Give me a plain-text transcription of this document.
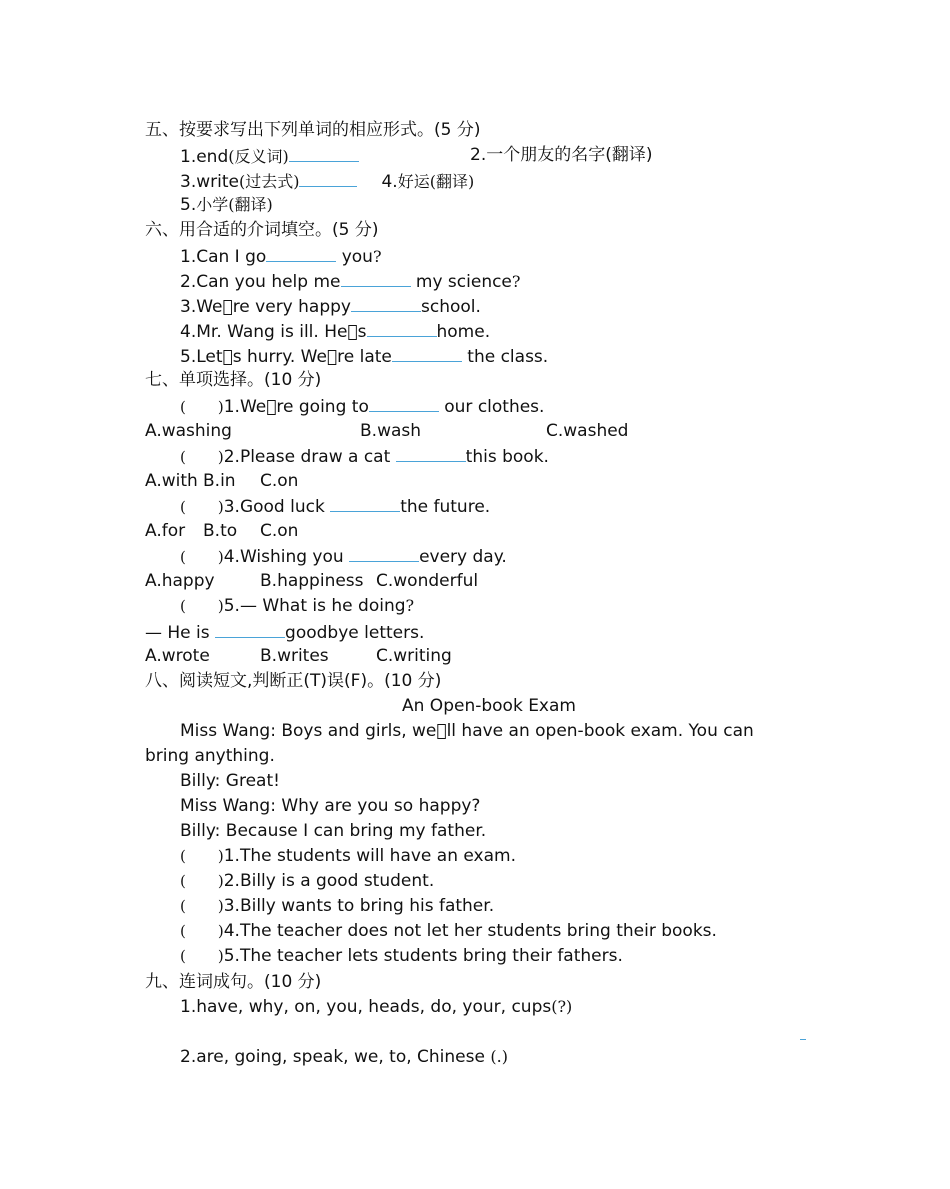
五、按要求写出下列单词的相应形式。(5 分)
1.end(反义词)	2.一个朋友的名字(翻译)
3.write(过去式)	4.好运(翻译)
5.小学(翻译)
六、用合适的介词填空。(5 分)
1.Can I go	you?
2.Can you help me	my science?
3.We re very happy	school.
4.Mr. Wang is ill. He s	home.
5.Let s hurry. We re late	the class.
七、单项选择。(10 分)
( )1.We re going to	our clothes.
A.washing	B.wash	C.washed
( )2.Please draw a cat	this book.
A.with B.in C.on
( )3.Good luck	the future.
A.for B.to C.on
( )4.Wishing you	every day.
A.happy	B.happiness C.wonderful
( )5.— What is he doing?
— He is	goodbye letters.
A.wrote	B.writes	C.writing
八、阅读短文,判断正(T)误(F)。(10 分)
An Open-book Exam
Miss Wang: Boys and girls, we ll have an open-book exam. You can
bring anything.
Billy: Great!
Miss Wang: Why are you so happy?
Billy: Because I can bring my father.
( )1.The students will have an exam.
( )2.Billy is a good student.
( )3.Billy wants to bring his father.
( )4.The teacher does not let her students bring their books.
( )5.The teacher lets students bring their fathers.
九、连词成句。(10 分)
1.have, why, on, you, heads, do, your, cups(?)
2.are, going, speak, we, to, Chinese (.)
